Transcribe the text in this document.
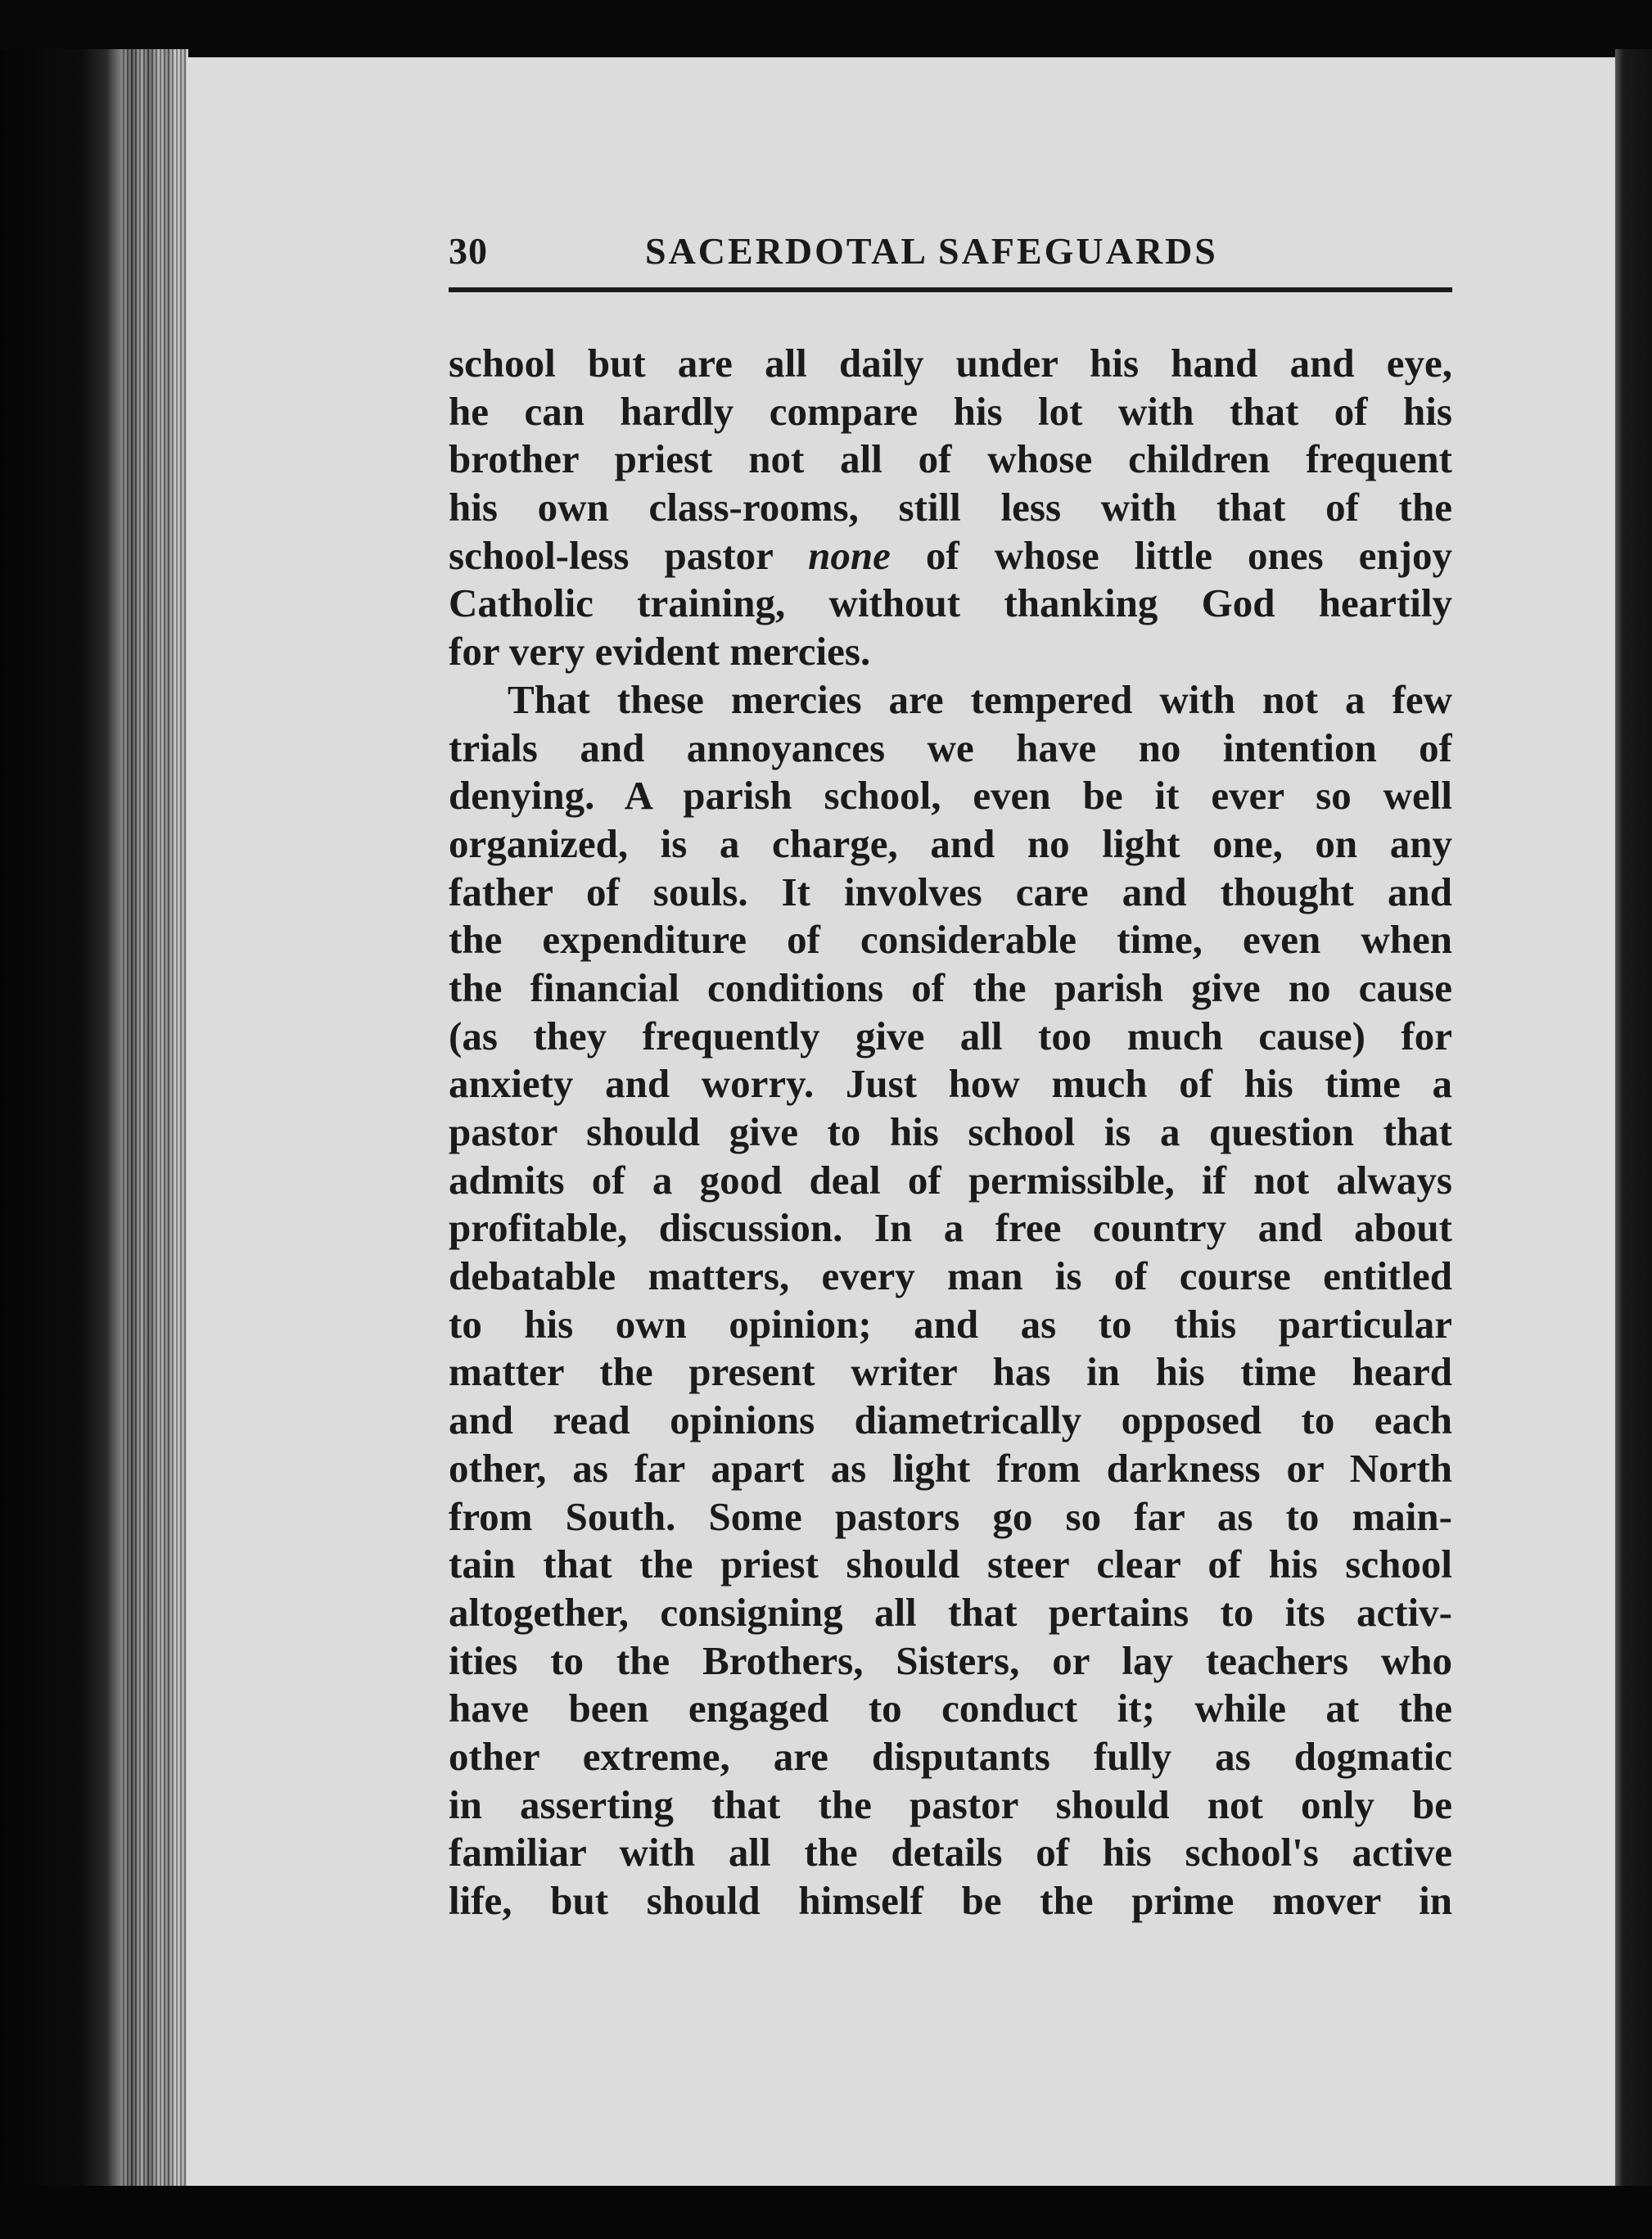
30	SACERDOTAL SAFEGUARDS
school but are all daily under his hand and eye,
he can hardly compare his lot with that of his
brother priest not all of whose children frequent
his own class-rooms, still less with that of the
school-less pastor none of whose little ones enjoy
Catholic training, without thanking God heartily
for very evident mercies.
That these mercies are tempered with not a few
trials and annoyances we have no intention of
denying. A parish school, even be it ever so well
organized, is a charge, and no light one, on any
father of souls. It involves care and thought and
the expenditure of considerable time, even when
the financial conditions of the parish give no cause
(as they frequently give all too much cause) for
anxiety and worry. Just how much of his time a
pastor should give to his school is a question that
admits of a good deal of permissible, if not always
profitable, discussion. In a free country and about
debatable matters, every man is of course entitled
to his own opinion; and as to this particular
matter the present writer has in his time heard
and read opinions diametrically opposed to each
other, as far apart as light from darkness or North
from South. Some pastors go so far as to main-
tain that the priest should steer clear of his school
altogether, consigning all that pertains to its activ-
ities to the Brothers, Sisters, or lay teachers who
have been engaged to conduct it; while at the
other extreme, are disputants fully as dogmatic
in asserting that the pastor should not only be
familiar with all the details of his school's active
life, but should himself be the prime mover in
